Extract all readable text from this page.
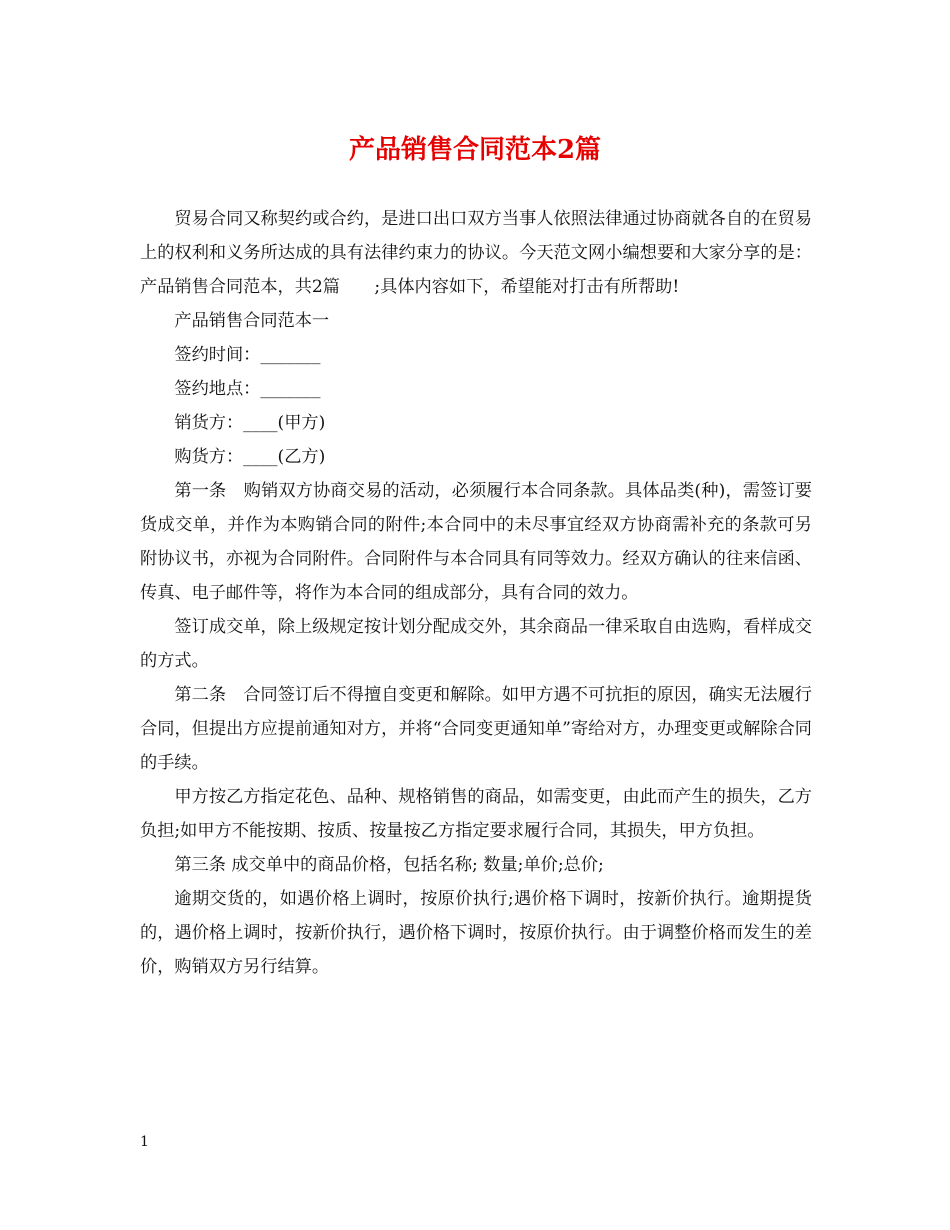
产品销售合同范本2篇

贸易合同又称契约或合约，是进口出口双方当事人依照法律通过协商就各自的在贸易上的权利和义务所达成的具有法律约束力的协议。今天范文网小编想要和大家分享的是：产品销售合同范本，共2篇　　;具体内容如下，希望能对打击有所帮助!

产品销售合同范本一

签约时间：_______

签约地点：_______

销货方：____(甲方)

购货方：____(乙方)

第一条　购销双方协商交易的活动，必须履行本合同条款。具体品类(种)，需签订要货成交单，并作为本购销合同的附件;本合同中的未尽事宜经双方协商需补充的条款可另附协议书，亦视为合同附件。合同附件与本合同具有同等效力。经双方确认的往来信函、传真、电子邮件等，将作为本合同的组成部分，具有合同的效力。

签订成交单，除上级规定按计划分配成交外，其余商品一律采取自由选购，看样成交的方式。

第二条　合同签订后不得擅自变更和解除。如甲方遇不可抗拒的原因，确实无法履行合同，但提出方应提前通知对方，并将“合同变更通知单”寄给对方，办理变更或解除合同的手续。

甲方按乙方指定花色、品种、规格销售的商品，如需变更，由此而产生的损失，乙方负担;如甲方不能按期、按质、按量按乙方指定要求履行合同，其损失，甲方负担。

第三条 成交单中的商品价格，包括名称; 数量;单价;总价;

逾期交货的，如遇价格上调时，按原价执行;遇价格下调时，按新价执行。逾期提货的，遇价格上调时，按新价执行，遇价格下调时，按原价执行。由于调整价格而发生的差价，购销双方另行结算。

1
